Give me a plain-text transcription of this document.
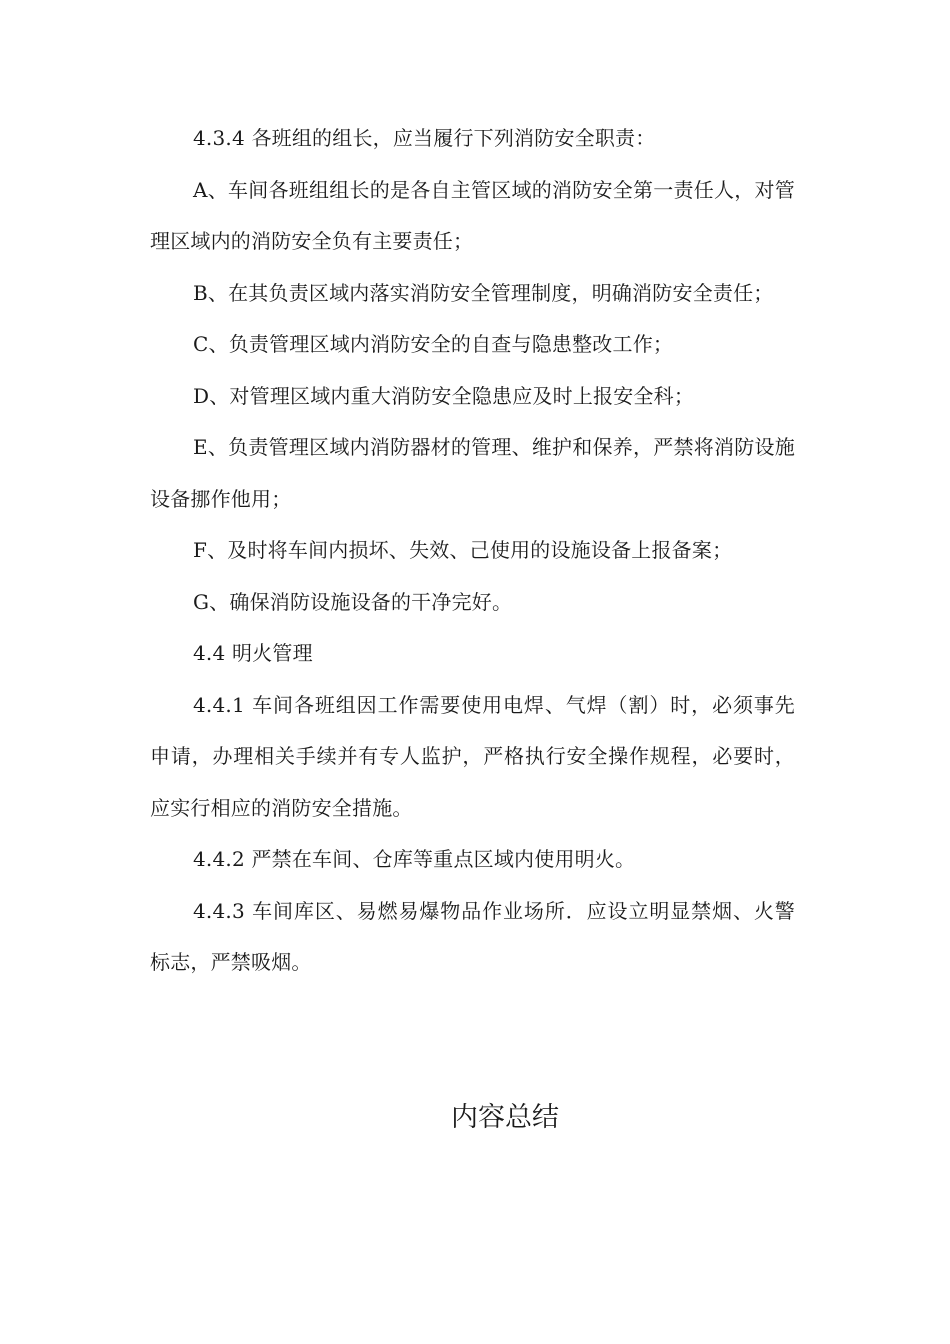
4.3.4 各班组的组长，应当履行下列消防安全职责：

A、车间各班组组长的是各自主管区域的消防安全第一责任人，对管理区域内的消防安全负有主要责任；

B、在其负责区域内落实消防安全管理制度，明确消防安全责任；

C、负责管理区域内消防安全的自查与隐患整改工作；

D、对管理区域内重大消防安全隐患应及时上报安全科；

E、负责管理区域内消防器材的管理、维护和保养，严禁将消防设施设备挪作他用；

F、及时将车间内损坏、失效、己使用的设施设备上报备案；

G、确保消防设施设备的干净完好。

4.4 明火管理

4.4.1 车间各班组因工作需要使用电焊、气焊（割）时，必须事先申请，办理相关手续并有专人监护，严格执行安全操作规程，必要时，应实行相应的消防安全措施。

4.4.2 严禁在车间、仓库等重点区域内使用明火。

4.4.3 车间库区、易燃易爆物品作业场所．应设立明显禁烟、火警标志，严禁吸烟。

内容总结
